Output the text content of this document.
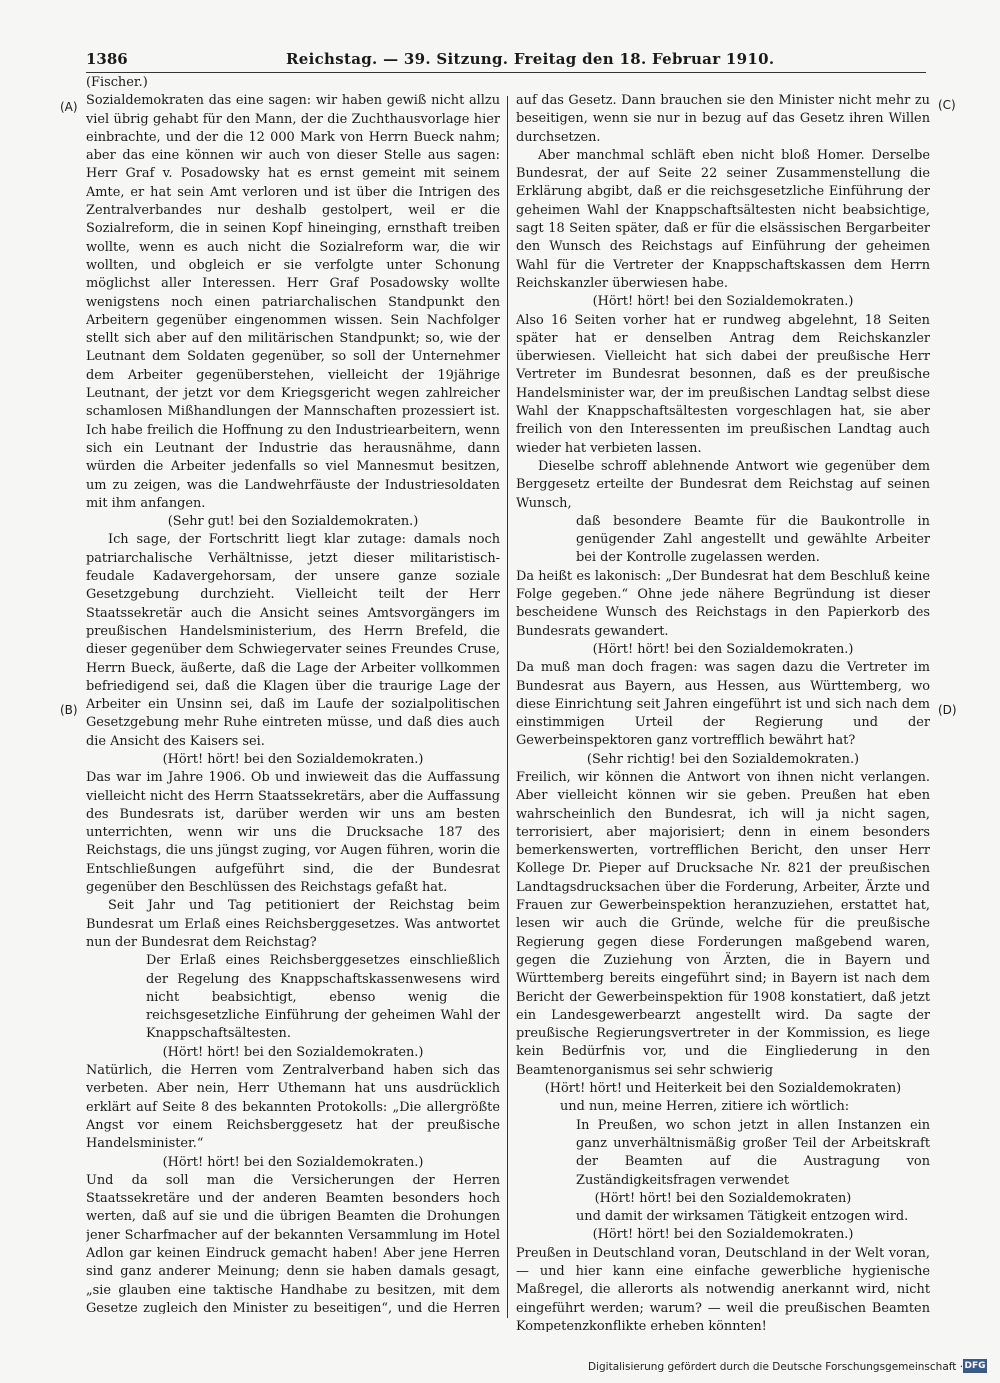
1386	Reichstag. — 39. Sitzung. Freitag den 18. Februar 1910.
(A)
(B)
(C)
(D)

(Fischer.)

Sozialdemokraten das eine sagen: wir haben gewiß nicht allzu viel übrig gehabt für den Mann, der die Zuchthausvorlage hier einbrachte, und der die 12 000 Mark von Herrn Bueck nahm; aber das eine können wir auch von dieser Stelle aus sagen: Herr Graf v. Posadowsky hat es ernst gemeint mit seinem Amte, er hat sein Amt verloren und ist über die Intrigen des Zentralverbandes nur deshalb gestolpert, weil er die Sozialreform, die in seinen Kopf hineinging, ernsthaft treiben wollte, wenn es auch nicht die Sozialreform war, die wir wollten, und obgleich er sie verfolgte unter Schonung möglichst aller Interessen. Herr Graf Posadowsky wollte wenigstens noch einen patriarchalischen Standpunkt den Arbeitern gegenüber eingenommen wissen. Sein Nachfolger stellt sich aber auf den militärischen Standpunkt; so, wie der Leutnant dem Soldaten gegenüber, so soll der Unternehmer dem Arbeiter gegenüberstehen, vielleicht der 19jährige Leutnant, der jetzt vor dem Kriegsgericht wegen zahlreicher schamlosen Mißhandlungen der Mannschaften prozessiert ist. Ich habe freilich die Hoffnung zu den Industriearbeitern, wenn sich ein Leutnant der Industrie das herausnähme, dann würden die Arbeiter jedenfalls so viel Mannesmut besitzen, um zu zeigen, was die Landwehrfäuste der Industriesoldaten mit ihm anfangen.

(Sehr gut! bei den Sozialdemokraten.)

Ich sage, der Fortschritt liegt klar zutage: damals noch patriarchalische Verhältnisse, jetzt dieser militaristisch-feudale Kadavergehorsam, der unsere ganze soziale Gesetzgebung durchzieht. Vielleicht teilt der Herr Staatssekretär auch die Ansicht seines Amtsvorgängers im preußischen Handelsministerium, des Herrn Brefeld, die dieser gegenüber dem Schwiegervater seines Freundes Cruse, Herrn Bueck, äußerte, daß die Lage der Arbeiter vollkommen befriedigend sei, daß die Klagen über die traurige Lage der Arbeiter ein Unsinn sei, daß im Laufe der sozialpolitischen Gesetzgebung mehr Ruhe eintreten müsse, und daß dies auch die Ansicht des Kaisers sei.

(Hört! hört! bei den Sozialdemokraten.)

Das war im Jahre 1906. Ob und inwieweit das die Auffassung vielleicht nicht des Herrn Staatssekretärs, aber die Auffassung des Bundesrats ist, darüber werden wir uns am besten unterrichten, wenn wir uns die Drucksache 187 des Reichstags, die uns jüngst zuging, vor Augen führen, worin die Entschließungen aufgeführt sind, die der Bundesrat gegenüber den Beschlüssen des Reichstags gefaßt hat.

Seit Jahr und Tag petitioniert der Reichstag beim Bundesrat um Erlaß eines Reichsberggesetzes. Was antwortet nun der Bundesrat dem Reichstag?

Der Erlaß eines Reichsberggesetzes einschließlich der Regelung des Knappschaftskassenwesens wird nicht beabsichtigt, ebenso wenig die reichsgesetzliche Einführung der geheimen Wahl der Knappschaftsältesten.

(Hört! hört! bei den Sozialdemokraten.)

Natürlich, die Herren vom Zentralverband haben sich das verbeten. Aber nein, Herr Uthemann hat uns ausdrücklich erklärt auf Seite 8 des bekannten Protokolls: „Die allergrößte Angst vor einem Reichsberggesetz hat der preußische Handelsminister.“

(Hört! hört! bei den Sozialdemokraten.)

Und da soll man die Versicherungen der Herren Staatssekretäre und der anderen Beamten besonders hoch werten, daß auf sie und die übrigen Beamten die Drohungen jener Scharfmacher auf der bekannten Versammlung im Hotel Adlon gar keinen Eindruck gemacht haben! Aber jene Herren sind ganz anderer Meinung; denn sie haben damals gesagt, „sie glauben eine taktische Handhabe zu besitzen, mit dem Gesetze zugleich den Minister zu beseitigen“, und die Herren

auf das Gesetz. Dann brauchen sie den Minister nicht mehr zu beseitigen, wenn sie nur in bezug auf das Gesetz ihren Willen durchsetzen.

Aber manchmal schläft eben nicht bloß Homer. Derselbe Bundesrat, der auf Seite 22 seiner Zusammenstellung die Erklärung abgibt, daß er die reichsgesetzliche Einführung der geheimen Wahl der Knappschaftsältesten nicht beabsichtige, sagt 18 Seiten später, daß er für die elsässischen Bergarbeiter den Wunsch des Reichstags auf Einführung der geheimen Wahl für die Vertreter der Knappschaftskassen dem Herrn Reichskanzler überwiesen habe.

(Hört! hört! bei den Sozialdemokraten.)

Also 16 Seiten vorher hat er rundweg abgelehnt, 18 Seiten später hat er denselben Antrag dem Reichskanzler überwiesen. Vielleicht hat sich dabei der preußische Herr Vertreter im Bundesrat besonnen, daß es der preußische Handelsminister war, der im preußischen Landtag selbst diese Wahl der Knappschaftsältesten vorgeschlagen hat, sie aber freilich von den Interessenten im preußischen Landtag auch wieder hat verbieten lassen.

Dieselbe schroff ablehnende Antwort wie gegenüber dem Berggesetz erteilte der Bundesrat dem Reichstag auf seinen Wunsch,

daß besondere Beamte für die Baukontrolle in genügender Zahl angestellt und gewählte Arbeiter bei der Kontrolle zugelassen werden.

Da heißt es lakonisch: „Der Bundesrat hat dem Beschluß keine Folge gegeben.“ Ohne jede nähere Begründung ist dieser bescheidene Wunsch des Reichstags in den Papierkorb des Bundesrats gewandert.

(Hört! hört! bei den Sozialdemokraten.)

Da muß man doch fragen: was sagen dazu die Vertreter im Bundesrat aus Bayern, aus Hessen, aus Württemberg, wo diese Einrichtung seit Jahren eingeführt ist und sich nach dem einstimmigen Urteil der Regierung und der Gewerbeinspektoren ganz vortrefflich bewährt hat?

(Sehr richtig! bei den Sozialdemokraten.)

Freilich, wir können die Antwort von ihnen nicht verlangen. Aber vielleicht können wir sie geben. Preußen hat eben wahrscheinlich den Bundesrat, ich will ja nicht sagen, terrorisiert, aber majorisiert; denn in einem besonders bemerkenswerten, vortrefflichen Bericht, den unser Herr Kollege Dr. Pieper auf Drucksache Nr. 821 der preußischen Landtagsdrucksachen über die Forderung, Arbeiter, Ärzte und Frauen zur Gewerbeinspektion heranzuziehen, erstattet hat, lesen wir auch die Gründe, welche für die preußische Regierung gegen diese Forderungen maßgebend waren, gegen die Zuziehung von Ärzten, die in Bayern und Württemberg bereits eingeführt sind; in Bayern ist nach dem Bericht der Gewerbeinspektion für 1908 konstatiert, daß jetzt ein Landesgewerbearzt angestellt wird. Da sagte der preußische Regierungsvertreter in der Kommission, es liege kein Bedürfnis vor, und die Eingliederung in den Beamtenorganismus sei sehr schwierig

(Hört! hört! und Heiterkeit bei den Sozialdemokraten)

und nun, meine Herren, zitiere ich wörtlich:

In Preußen, wo schon jetzt in allen Instanzen ein ganz unverhältnismäßig großer Teil der Arbeitskraft der Beamten auf die Austragung von Zuständigkeitsfragen verwendet

(Hört! hört! bei den Sozialdemokraten)

und damit der wirksamen Tätigkeit entzogen wird.

(Hört! hört! bei den Sozialdemokraten.)

Preußen in Deutschland voran, Deutschland in der Welt voran, — und hier kann eine einfache gewerbliche hygienische Maßregel, die allerorts als notwendig anerkannt wird, nicht eingeführt werden; warum? — weil die preußischen Beamten Kompetenzkonflikte erheben könnten!

Digitalisierung gefördert durch die Deutsche Forschungsgemeinschaft · DFG
